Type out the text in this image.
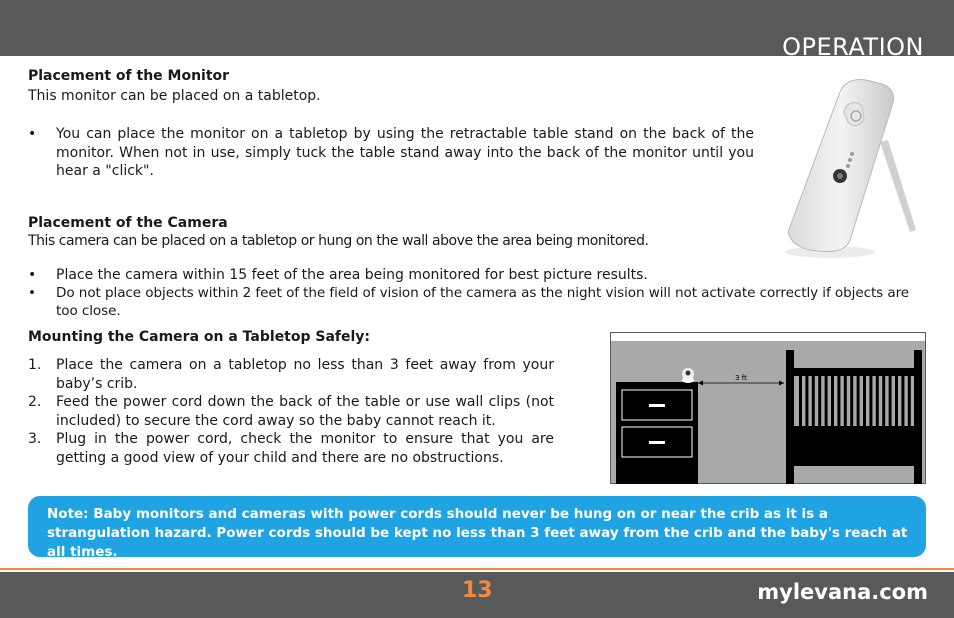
OPERATION
Placement of the Monitor
This monitor can be placed on a tabletop.
• You can place the monitor on a tabletop by using the retractable table stand on the back of the monitor. When not in use, simply tuck the table stand away into the back of the monitor until you hear a "click".
Placement of the Camera
This camera can be placed on a tabletop or hung on the wall above the area being monitored.
• Place the camera within 15 feet of the area being monitored for best picture results.
• Do not place objects within 2 feet of the field of vision of the camera as the night vision will not activate correctly if objects are too close.
Mounting the Camera on a Tabletop Safely:
1. Place the camera on a tabletop no less than 3 feet away from your baby’s crib.
2. Feed the power cord down the back of the table or use wall clips (not included) to secure the cord away so the baby cannot reach it.
3. Plug in the power cord, check the monitor to ensure that you are getting a good view of your child and there are no obstructions.
3 ft
Note: Baby monitors and cameras with power cords should never be hung on or near the crib as it is a strangulation hazard. Power cords should be kept no less than 3 feet away from the crib and the baby's reach at all times.
13	mylevana.com
